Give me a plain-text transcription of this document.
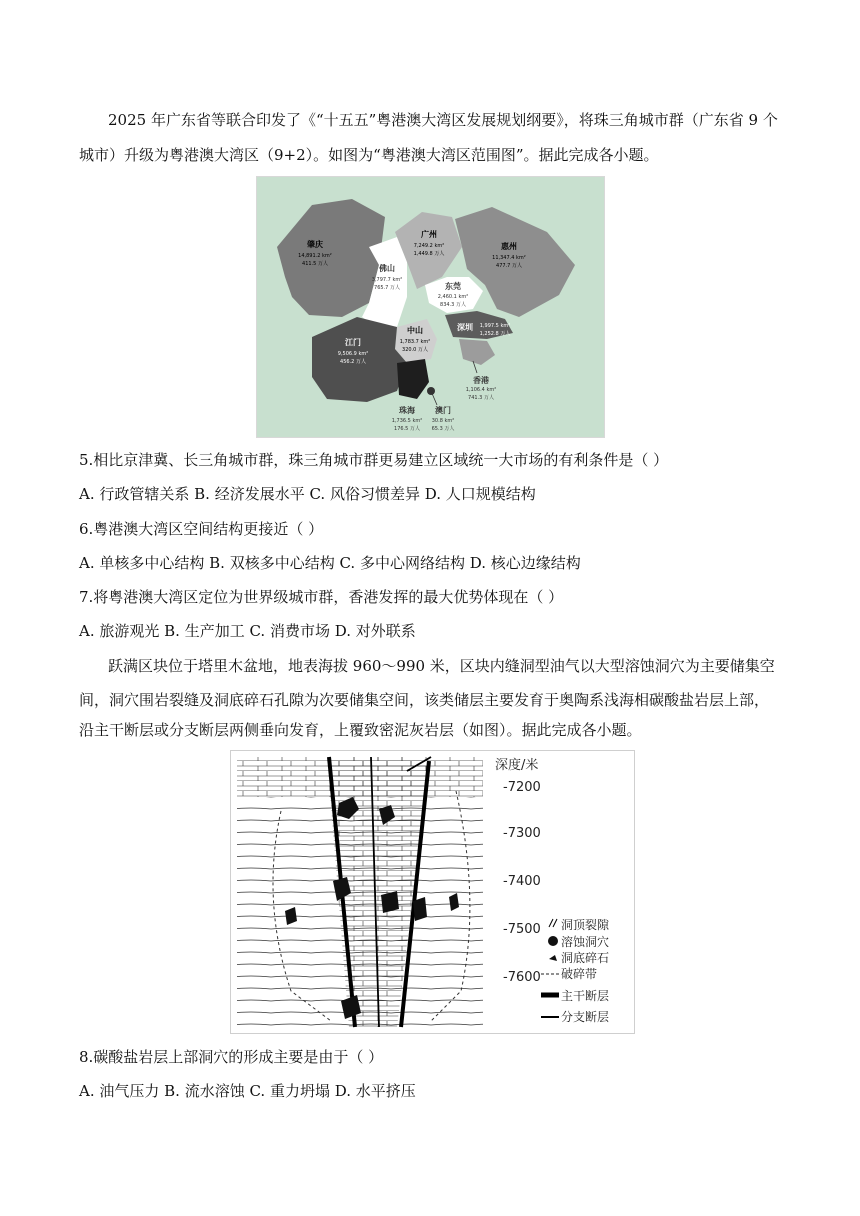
2025 年广东省等联合印发了《“十五五”粤港澳大湾区发展规划纲要》，将珠三角城市群（广东省 9 个
城市）升级为粤港澳大湾区（9+2）。如图为“粤港澳大湾区范围图”。据此完成各小题。
肇庆
14,891.2 km²
411.5 万人
广州
7,249.2 km²
1,449.8 万人
惠州
11,347.4 km²
477.7 万人
佛山
3,797.7 km²
765.7 万人	东莞
2,460.1 km²
834.3 万人
深圳 1,997.5 km²
1,252.8 万人
中山
1,783.7 km²
320.0 万人
江门
9,506.9 km²
456.2 万人
香港
1,106.4 km²
741.3 万人
珠海
1,736.5 km²
176.5 万人
澳门
30.8 km²
65.3 万人
5.相比京津冀、长三角城市群，珠三角城市群更易建立区域统一大市场的有利条件是（ ）
A. 行政管辖关系 B. 经济发展水平 C. 风俗习惯差异 D. 人口规模结构
6.粤港澳大湾区空间结构更接近（ ）
A. 单核多中心结构 B. 双核多中心结构 C. 多中心网络结构 D. 核心边缘结构
7.将粤港澳大湾区定位为世界级城市群，香港发挥的最大优势体现在（ ）
A. 旅游观光 B. 生产加工 C. 消费市场 D. 对外联系
跃满区块位于塔里木盆地，地表海拔 960～990 米，区块内缝洞型油气以大型溶蚀洞穴为主要储集空
间，洞穴围岩裂缝及洞底碎石孔隙为次要储集空间，该类储层主要发育于奥陶系浅海相碳酸盐岩层上部，
沿主干断层或分支断层两侧垂向发育，上覆致密泥灰岩层（如图）。据此完成各小题。
深度/米
-7200
-7300
-7400
-7500
-7600
洞顶裂隙
溶蚀洞穴
洞底碎石
破碎带
主干断层
分支断层
8.碳酸盐岩层上部洞穴的形成主要是由于（ ）
A. 油气压力 B. 流水溶蚀 C. 重力坍塌 D. 水平挤压
